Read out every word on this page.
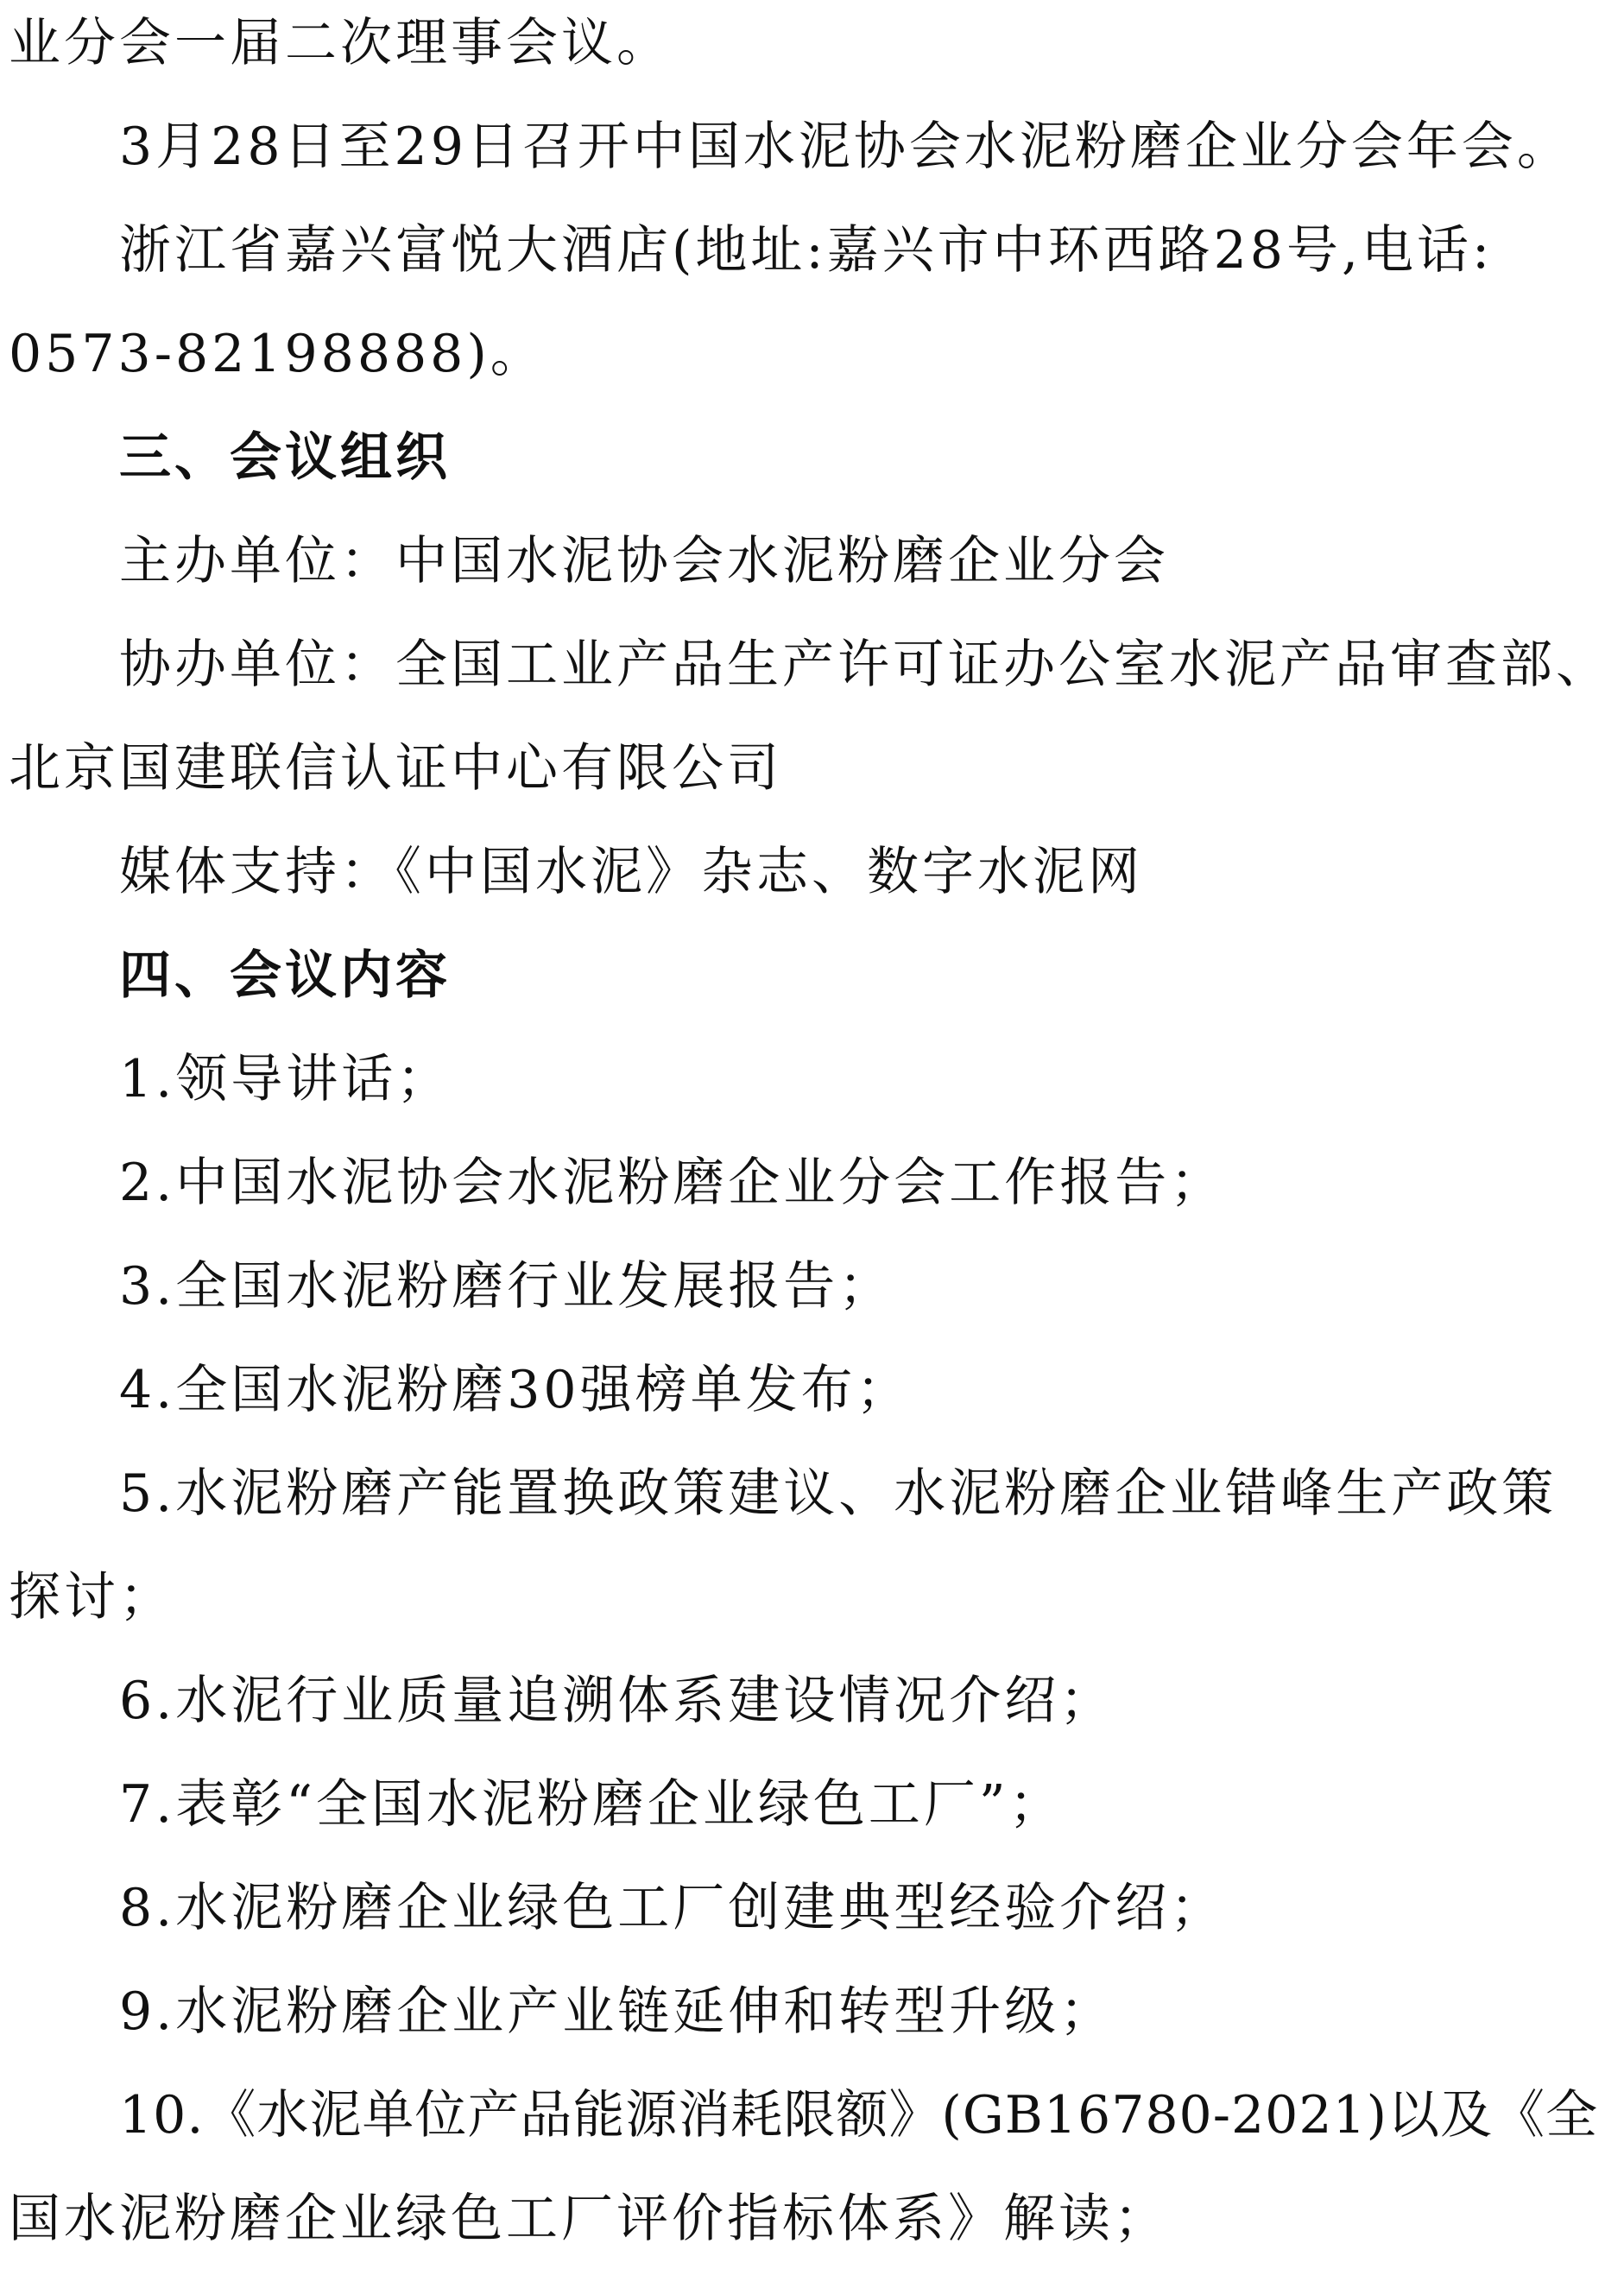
业分会一届二次理事会议。
3月28日至29日召开中国水泥协会水泥粉磨企业分会年会。
浙江省嘉兴富悦大酒店(地址:嘉兴市中环西路28号,电话:
0573-82198888)。
三、会议组织
主办单位：中国水泥协会水泥粉磨企业分会
协办单位：全国工业产品生产许可证办公室水泥产品审查部、
北京国建联信认证中心有限公司
媒体支持：《中国水泥》杂志、数字水泥网
四、会议内容
1.领导讲话；
2.中国水泥协会水泥粉磨企业分会工作报告；
3.全国水泥粉磨行业发展报告；
4.全国水泥粉磨30强榜单发布；
5.水泥粉磨产能置换政策建议、水泥粉磨企业错峰生产政策
探讨；
6.水泥行业质量追溯体系建设情况介绍；
7.表彰“全国水泥粉磨企业绿色工厂”；
8.水泥粉磨企业绿色工厂创建典型经验介绍；
9.水泥粉磨企业产业链延伸和转型升级；
10.《水泥单位产品能源消耗限额》(GB16780-2021)以及《全
国水泥粉磨企业绿色工厂评价指标体系》解读；
